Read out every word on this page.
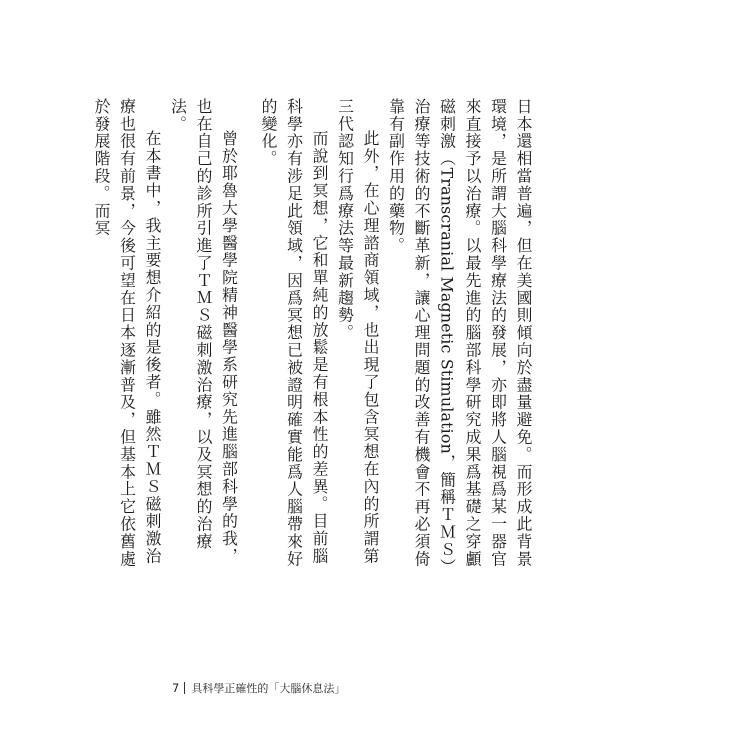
日本還相當普遍，但在美國則傾向於盡量避免。而形成此背景環境，是所謂大腦科學療法的發展，亦即將人腦視爲某一器官來直接予以治療。以最先進的腦部科學研究成果爲基礎之穿顱磁刺激（Transcranial Magnetic Stimulation，簡稱ＴＭＳ）治療等技術的不斷革新，讓心理問題的改善有機會不再必須倚靠有副作用的藥物。

此外，在心理諮商領域，也出現了包含冥想在內的所謂第三代認知行爲療法等最新趨勢。

而說到冥想，它和單純的放鬆是有根本性的差異。目前腦科學亦有涉足此領域，因爲冥想已被證明確實能爲人腦帶來好的變化。

曾於耶魯大學醫學院精神醫學系研究先進腦部科學的我，也在自己的診所引進了ＴＭＳ磁刺激治療，以及冥想的治療法。

在本書中，我主要想介紹的是後者。雖然ＴＭＳ磁刺激治療也很有前景，今後可望在日本逐漸普及，但基本上它依舊處於發展階段。而冥

7 具科學正確性的「大腦休息法」
